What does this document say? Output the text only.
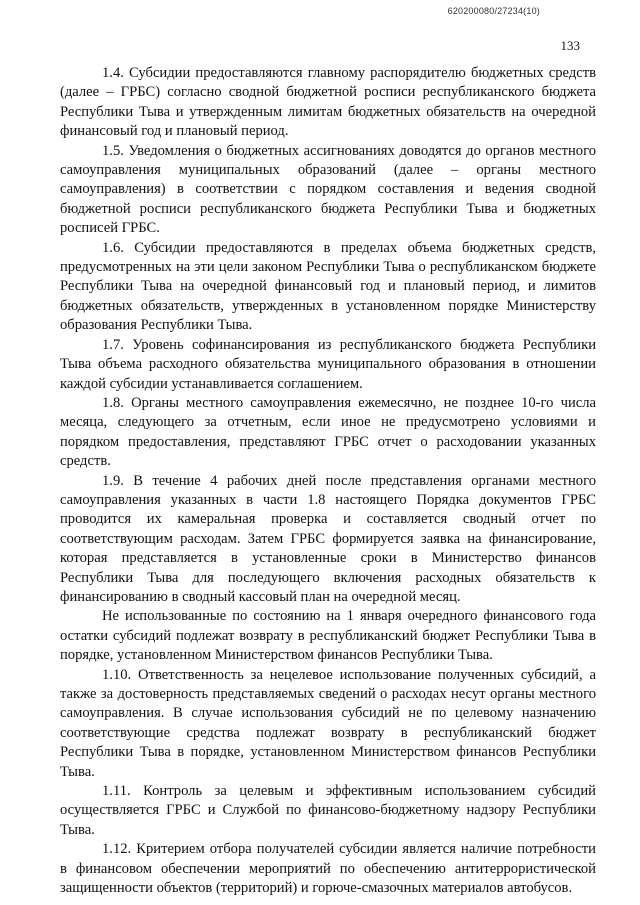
620200080/27234(10)
133

1.4. Субсидии предоставляются главному распорядителю бюджетных средств (далее – ГРБС) согласно сводной бюджетной росписи республиканского бюджета Республики Тыва и утвержденным лимитам бюджетных обязательств на очередной финансовый год и плановый период.

1.5. Уведомления о бюджетных ассигнованиях доводятся до органов местного самоуправления муниципальных образований (далее – органы местного самоуправления) в соответствии с порядком составления и ведения сводной бюджетной росписи республиканского бюджета Республики Тыва и бюджетных росписей ГРБС.

1.6. Субсидии предоставляются в пределах объема бюджетных средств, предусмотренных на эти цели законом Республики Тыва о республиканском бюджете Республики Тыва на очередной финансовый год и плановый период, и лимитов бюджетных обязательств, утвержденных в установленном порядке Министерству образования Республики Тыва.

1.7. Уровень софинансирования из республиканского бюджета Республики Тыва объема расходного обязательства муниципального образования в отношении каждой субсидии устанавливается соглашением.

1.8. Органы местного самоуправления ежемесячно, не позднее 10-го числа месяца, следующего за отчетным, если иное не предусмотрено условиями и порядком предоставления, представляют ГРБС отчет о расходовании указанных средств.

1.9. В течение 4 рабочих дней после представления органами местного самоуправления указанных в части 1.8 настоящего Порядка документов ГРБС проводится их камеральная проверка и составляется сводный отчет по соответствующим расходам. Затем ГРБС формируется заявка на финансирование, которая представляется в установленные сроки в Министерство финансов Республики Тыва для последующего включения расходных обязательств к финансированию в сводный кассовый план на очередной месяц.

Не использованные по состоянию на 1 января очередного финансового года остатки субсидий подлежат возврату в республиканский бюджет Республики Тыва в порядке, установленном Министерством финансов Республики Тыва.

1.10. Ответственность за нецелевое использование полученных субсидий, а также за достоверность представляемых сведений о расходах несут органы местного самоуправления. В случае использования субсидий не по целевому назначению соответствующие средства подлежат возврату в республиканский бюджет Республики Тыва в порядке, установленном Министерством финансов Республики Тыва.

1.11. Контроль за целевым и эффективным использованием субсидий осуществляется ГРБС и Службой по финансово-бюджетному надзору Республики Тыва.

1.12. Критерием отбора получателей субсидии является наличие потребности в финансовом обеспечении мероприятий по обеспечению антитеррористической защищенности объектов (территорий) и горюче-смазочных материалов автобусов.
